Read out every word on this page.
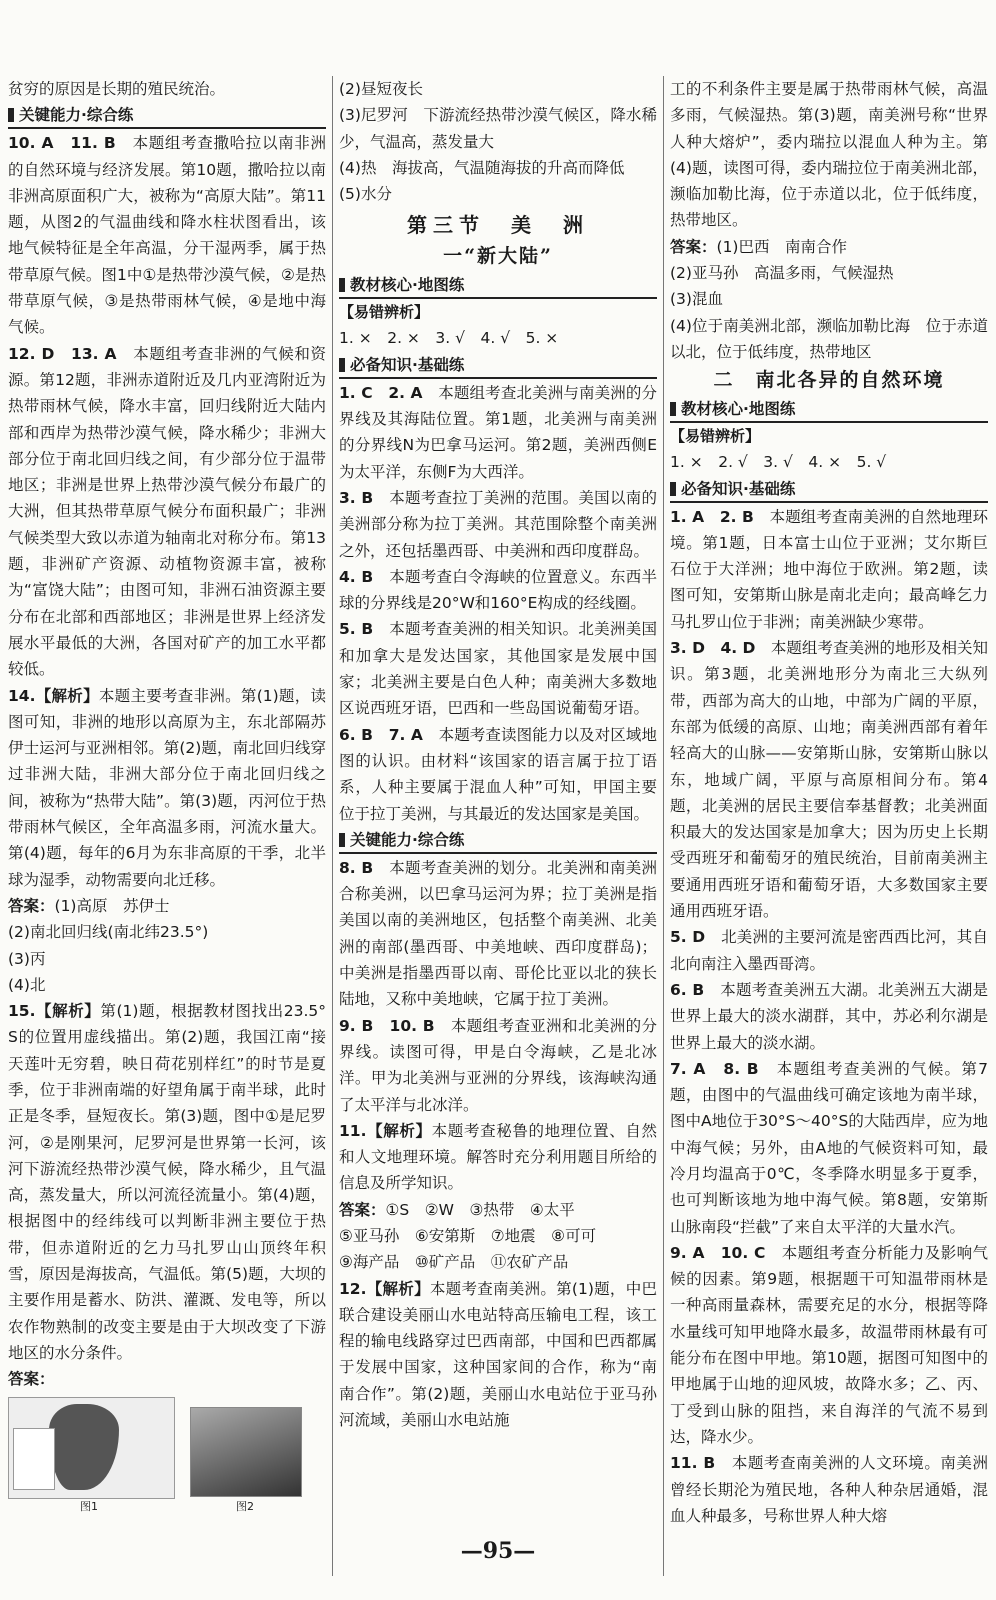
贫穷的原因是长期的殖民统治。

关键能力·综合练

10. A　11. B　 本题组考查撒哈拉以南非洲的自然环境与经济发展。第10题，撒哈拉以南非洲高原面积广大，被称为“高原大陆”。第11题，从图2的气温曲线和降水柱状图看出，该地气候特征是全年高温，分干湿两季，属于热带草原气候。图1中①是热带沙漠气候，②是热带草原气候，③是热带雨林气候，④是地中海气候。

12. D　13. A　 本题组考查非洲的气候和资源。第12题，非洲赤道附近及几内亚湾附近为热带雨林气候，降水丰富，回归线附近大陆内部和西岸为热带沙漠气候，降水稀少；非洲大部分位于南北回归线之间，有少部分位于温带地区；非洲是世界上热带沙漠气候分布最广的大洲，但其热带草原气候分布面积最广；非洲气候类型大致以赤道为轴南北对称分布。第13题，非洲矿产资源、动植物资源丰富，被称为“富饶大陆”；由图可知，非洲石油资源主要分布在北部和西部地区；非洲是世界上经济发展水平最低的大洲，各国对矿产的加工水平都较低。

14.【解析】本题主要考查非洲。第(1)题，读图可知，非洲的地形以高原为主，东北部隔苏伊士运河与亚洲相邻。第(2)题，南北回归线穿过非洲大陆，非洲大部分位于南北回归线之间，被称为“热带大陆”。第(3)题，丙河位于热带雨林气候区，全年高温多雨，河流水量大。第(4)题，每年的6月为东非高原的干季，北半球为湿季，动物需要向北迁移。

答案：(1)高原　苏伊士

(2)南北回归线(南北纬23.5°)

(3)丙

(4)北

15.【解析】第(1)题，根据教材图找出23.5°S的位置用虚线描出。第(2)题，我国江南“接天莲叶无穷碧，映日荷花别样红”的时节是夏季，位于非洲南端的好望角属于南半球，此时正是冬季，昼短夜长。第(3)题，图中①是尼罗河，②是刚果河，尼罗河是世界第一长河，该河下游流经热带沙漠气候，降水稀少，且气温高，蒸发量大，所以河流径流量小。第(4)题，根据图中的经纬线可以判断非洲主要位于热带，但赤道附近的乞力马扎罗山山顶终年积雪，原因是海拔高，气温低。第(5)题，大坝的主要作用是蓄水、防洪、灌溉、发电等，所以农作物熟制的改变主要是由于大坝改变了下游地区的水分条件。

答案：

图1	图2

(2)昼短夜长

(3)尼罗河　下游流经热带沙漠气候区，降水稀少，气温高，蒸发量大

(4)热　海拔高，气温随海拔的升高而降低

(5)水分

第三节　美　洲
一“新大陆”
教材核心·地图练

【易错辨析】

1. ×　2. ×　3. √　4. √　5. ×

必备知识·基础练

1. C　2. A　 本题组考查北美洲与南美洲的分界线及其海陆位置。第1题，北美洲与南美洲的分界线N为巴拿马运河。第2题，美洲西侧E为太平洋，东侧F为大西洋。

3. B　 本题考查拉丁美洲的范围。美国以南的美洲部分称为拉丁美洲。其范围除整个南美洲之外，还包括墨西哥、中美洲和西印度群岛。

4. B　 本题考查白令海峡的位置意义。东西半球的分界线是20°W和160°E构成的经线圈。

5. B　 本题考查美洲的相关知识。北美洲美国和加拿大是发达国家，其他国家是发展中国家；北美洲主要是白色人种；南美洲大多数地区说西班牙语，巴西和一些岛国说葡萄牙语。

6. B　7. A　 本题考查读图能力以及对区域地图的认识。由材料“该国家的语言属于拉丁语系，人种主要属于混血人种”可知，甲国主要位于拉丁美洲，与其最近的发达国家是美国。

关键能力·综合练

8. B　 本题考查美洲的划分。北美洲和南美洲合称美洲，以巴拿马运河为界；拉丁美洲是指美国以南的美洲地区，包括整个南美洲、北美洲的南部(墨西哥、中美地峡、西印度群岛)；中美洲是指墨西哥以南、哥伦比亚以北的狭长陆地，又称中美地峡，它属于拉丁美洲。

9. B　10. B　 本题组考查亚洲和北美洲的分界线。读图可得，甲是白令海峡，乙是北冰洋。甲为北美洲与亚洲的分界线，该海峡沟通了太平洋与北冰洋。

11.【解析】本题考查秘鲁的地理位置、自然和人文地理环境。解答时充分利用题目所给的信息及所学知识。

答案：①S　②W　③热带　④太平

⑤亚马孙　⑥安第斯　⑦地震　⑧可可

⑨海产品　⑩矿产品　⑪农矿产品

12.【解析】本题考查南美洲。第(1)题，中巴联合建设美丽山水电站特高压输电工程，该工程的输电线路穿过巴西南部，中国和巴西都属于发展中国家，这种国家间的合作，称为“南南合作”。第(2)题，美丽山水电站位于亚马孙河流域，美丽山水电站施

工的不利条件主要是属于热带雨林气候，高温多雨，气候湿热。第(3)题，南美洲号称“世界人种大熔炉”，委内瑞拉以混血人种为主。第(4)题，读图可得，委内瑞拉位于南美洲北部，濒临加勒比海，位于赤道以北，位于低纬度，热带地区。

答案：(1)巴西　南南合作

(2)亚马孙　高温多雨，气候湿热

(3)混血

(4)位于南美洲北部，濒临加勒比海　位于赤道以北，位于低纬度，热带地区

二　南北各异的自然环境
教材核心·地图练

【易错辨析】

1. ×　2. √　3. √　4. ×　5. √

必备知识·基础练

1. A　2. B　 本题组考查南美洲的自然地理环境。第1题，日本富士山位于亚洲；艾尔斯巨石位于大洋洲；地中海位于欧洲。第2题，读图可知，安第斯山脉是南北走向；最高峰乞力马扎罗山位于非洲；南美洲缺少寒带。

3. D　4. D　 本题组考查美洲的地形及相关知识。第3题，北美洲地形分为南北三大纵列带，西部为高大的山地，中部为广阔的平原，东部为低缓的高原、山地；南美洲西部有着年轻高大的山脉——安第斯山脉，安第斯山脉以东，地域广阔，平原与高原相间分布。第4题，北美洲的居民主要信奉基督教；北美洲面积最大的发达国家是加拿大；因为历史上长期受西班牙和葡萄牙的殖民统治，目前南美洲主要通用西班牙语和葡萄牙语，大多数国家主要通用西班牙语。

5. D　 北美洲的主要河流是密西西比河，其自北向南注入墨西哥湾。

6. B　 本题考查美洲五大湖。北美洲五大湖是世界上最大的淡水湖群，其中，苏必利尔湖是世界上最大的淡水湖。

7. A　8. B　 本题组考查美洲的气候。第7题，由图中的气温曲线可确定该地为南半球，图中A地位于30°S～40°S的大陆西岸，应为地中海气候；另外，由A地的气候资料可知，最冷月均温高于0℃，冬季降水明显多于夏季，也可判断该地为地中海气候。第8题，安第斯山脉南段“拦截”了来自太平洋的大量水汽。

9. A　10. C　 本题组考查分析能力及影响气候的因素。第9题，根据题干可知温带雨林是一种高雨量森林，需要充足的水分，根据等降水量线可知甲地降水最多，故温带雨林最有可能分布在图中甲地。第10题，据图可知图中的甲地属于山地的迎风坡，故降水多；乙、丙、丁受到山脉的阻挡，来自海洋的气流不易到达，降水少。

11. B　 本题考查南美洲的人文环境。南美洲曾经长期沦为殖民地，各种人种杂居通婚，混血人种最多，号称世界人种大熔

—95—
